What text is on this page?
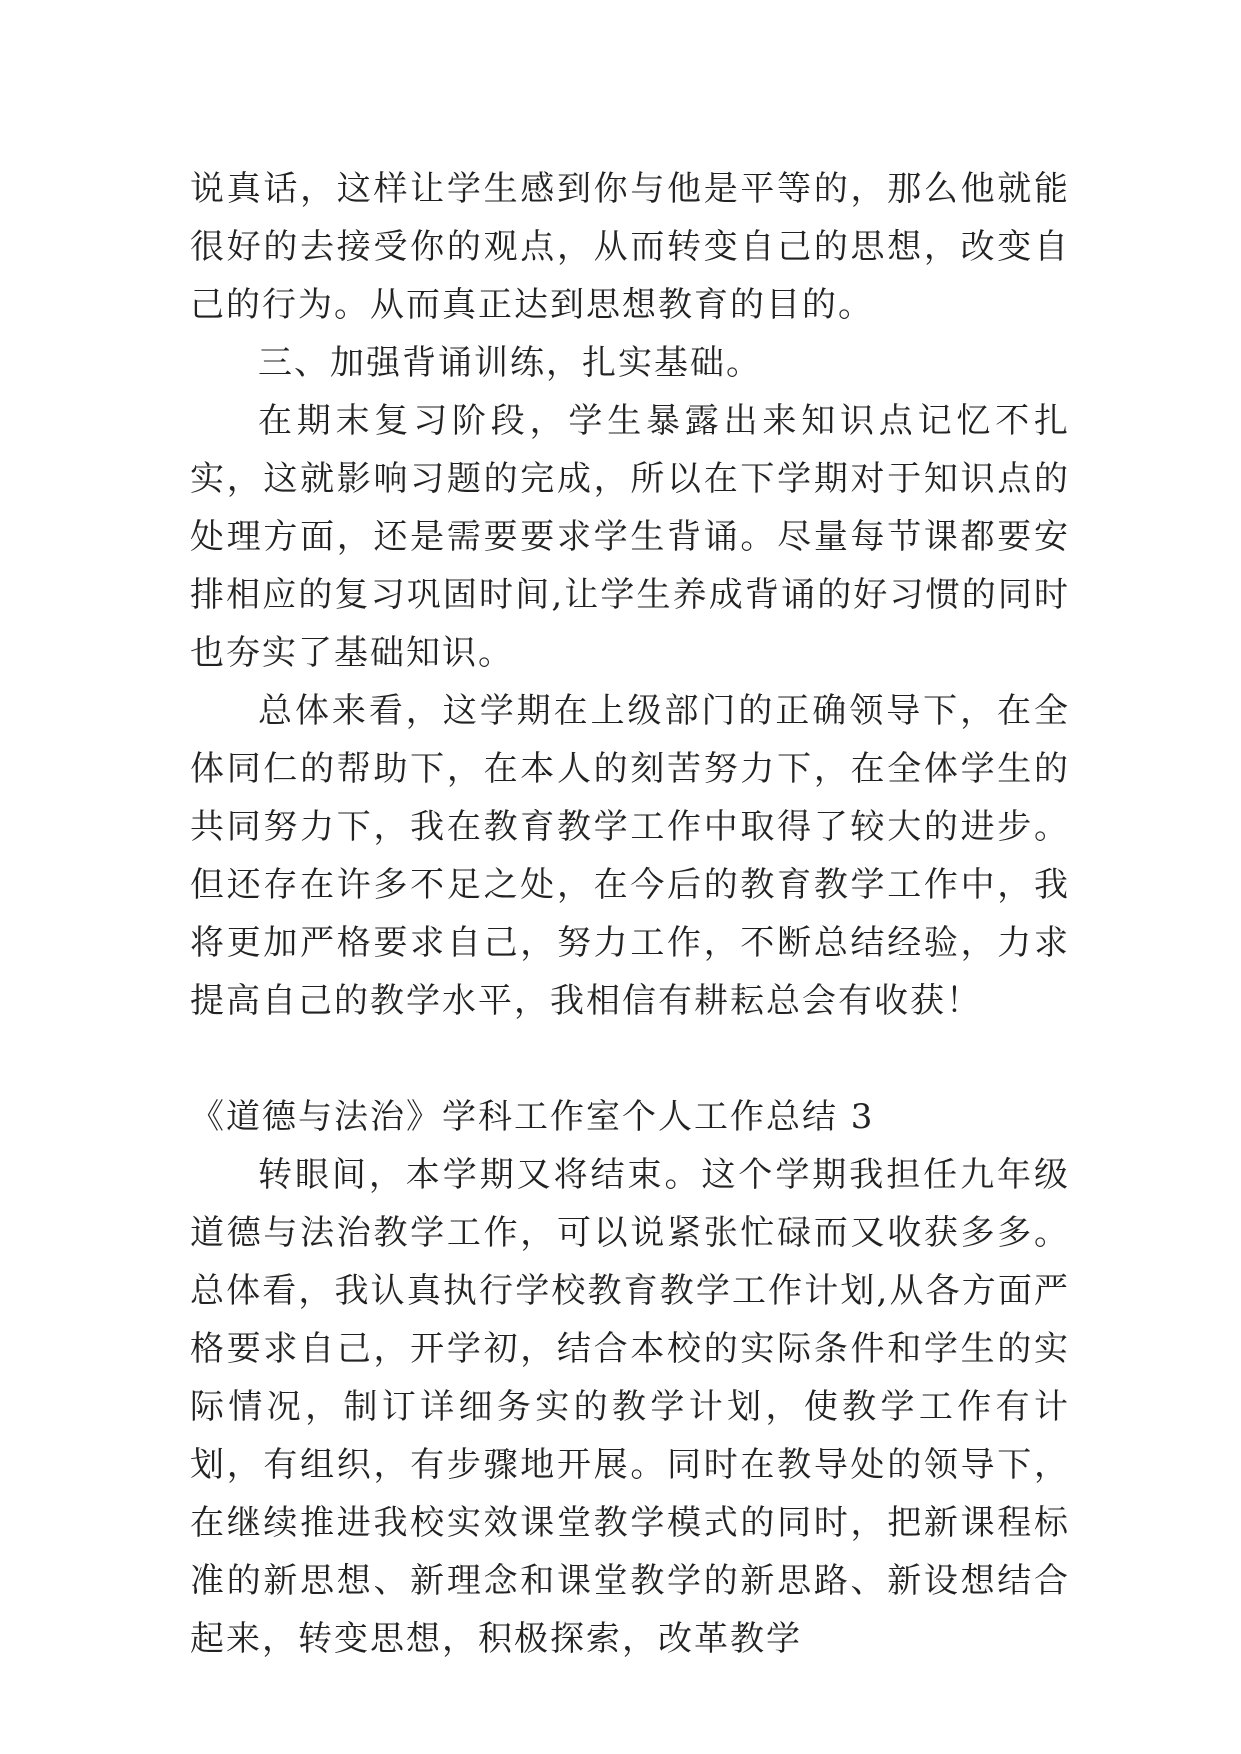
说真话，这样让学生感到你与他是平等的，那么他就能很好的去接受你的观点，从而转变自己的思想，改变自己的行为。从而真正达到思想教育的目的。

三、加强背诵训练，扎实基础。

在期末复习阶段，学生暴露出来知识点记忆不扎实，这就影响习题的完成，所以在下学期对于知识点的处理方面，还是需要要求学生背诵。尽量每节课都要安排相应的复习巩固时间,让学生养成背诵的好习惯的同时也夯实了基础知识。

总体来看，这学期在上级部门的正确领导下，在全体同仁的帮助下，在本人的刻苦努力下，在全体学生的共同努力下，我在教育教学工作中取得了较大的进步。但还存在许多不足之处，在今后的教育教学工作中，我将更加严格要求自己，努力工作，不断总结经验，力求提高自己的教学水平，我相信有耕耘总会有收获！

《道德与法治》学科工作室个人工作总结 3

转眼间，本学期又将结束。这个学期我担任九年级道德与法治教学工作，可以说紧张忙碌而又收获多多。总体看，我认真执行学校教育教学工作计划,从各方面严格要求自己，开学初，结合本校的实际条件和学生的实际情况，制订详细务实的教学计划，使教学工作有计划，有组织，有步骤地开展。同时在教导处的领导下，在继续推进我校实效课堂教学模式的同时，把新课程标准的新思想、新理念和课堂教学的新思路、新设想结合起来，转变思想，积极探索，改革教学
